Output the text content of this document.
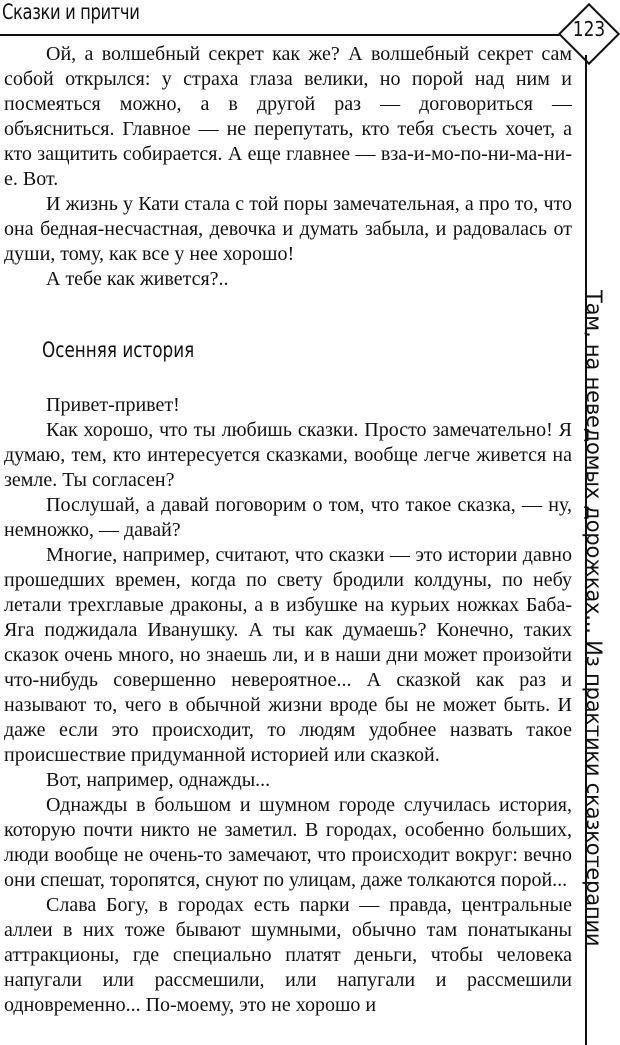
Сказки и притчи
123
Там, на неведомых дорожках... Из практики сказкотерапии

Ой, а волшебный секрет как же? А волшебный секрет сам собой открылся: у страха глаза велики, но порой над ним и посмеяться можно, а в другой раз — договориться — объясниться. Главное — не перепутать, кто тебя съесть хочет, а кто защитить собирается. А еще главнее — вза-и-мо-по-ни-ма-ни-е. Вот.

И жизнь у Кати стала с той поры замечательная, а про то, что она бедная-несчастная, девочка и думать забыла, и радовалась от души, тому, как все у нее хорошо!

А тебе как живется?..

Осенняя история

Привет-привет!

Как хорошо, что ты любишь сказки. Просто замечательно! Я думаю, тем, кто интересуется сказками, вообще легче живется на земле. Ты согласен?

Послушай, а давай поговорим о том, что такое сказка, — ну, немножко, — давай?

Многие, например, считают, что сказки — это истории давно прошедших времен, когда по свету бродили колдуны, по небу летали трехглавые драконы, а в избушке на курьих ножках Баба-Яга поджидала Иванушку. А ты как думаешь? Конечно, таких сказок очень много, но знаешь ли, и в наши дни может произойти что-нибудь совершенно невероятное... А сказкой как раз и называют то, чего в обычной жизни вроде бы не может быть. И даже если это происходит, то людям удобнее назвать такое происшествие придуманной историей или сказкой.

Вот, например, однажды...

Однажды в большом и шумном городе случилась история, которую почти никто не заметил. В городах, особенно больших, люди вообще не очень-то замечают, что происходит вокруг: вечно они спешат, торопятся, снуют по улицам, даже толкаются порой...

Слава Богу, в городах есть парки — правда, центральные аллеи в них тоже бывают шумными, обычно там понатыканы аттракционы, где специально платят деньги, чтобы человека напугали или рассмешили, или напугали и рассмешили одновременно... По-моему, это не хорошо и
